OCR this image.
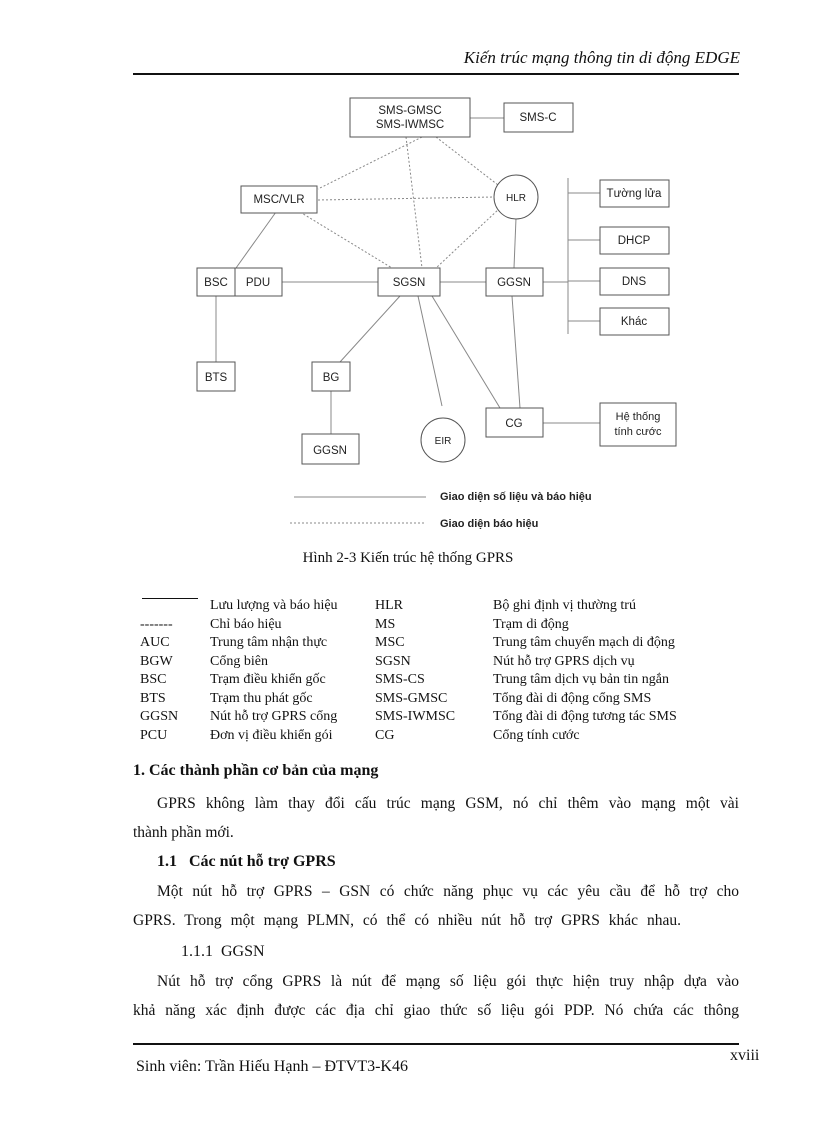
Kiến trúc mạng thông tin di động EDGE
SMS-GMSC
SMS-IWMSC
SMS-C
MSC/VLR	HLR	Tường lửa
DHCP
DNS
Khác
BSC PDU	SGSN	GGSN
BTS	BG
EIR
CG
Hệ thống
tính cước
GGSN
Giao diện số liệu và báo hiệu
Giao diện báo hiệu
Hình 2-3 Kiến trúc hệ thống GPRS
	Lưu lượng và báo hiệu	HLR	Bộ ghi định vị thường trú
-------	Chỉ báo hiệu	MS	Trạm di động
AUC	Trung tâm nhận thực	MSC	Trung tâm chuyển mạch di động
BGW	Cổng biên	SGSN	Nút hỗ trợ GPRS dịch vụ
BSC	Trạm điều khiển gốc	SMS-CS	Trung tâm dịch vụ bản tin ngắn
BTS	Trạm thu phát gốc	SMS-GMSC	Tổng đài di động cổng SMS
GGSN	Nút hỗ trợ GPRS cổng	SMS-IWMSC	Tổng đài di động tương tác SMS
PCU	Đơn vị điều khiển gói	CG	Cổng tính cước
1. Các thành phần cơ bản của mạng
GPRS không làm thay đổi cấu trúc mạng GSM, nó chỉ thêm vào mạng một vài
thành phần mới.
1.1   Các nút hỗ trợ GPRS
Một nút hỗ trợ GPRS – GSN có chức năng phục vụ các yêu cầu để hỗ trợ cho
GPRS. Trong một mạng PLMN, có thể có nhiều nút hỗ trợ GPRS khác nhau.
1.1.1  GGSN
Nút hỗ trợ cổng GPRS là nút để mạng số liệu gói thực hiện truy nhập dựa vào
khả năng xác định được các địa chỉ giao thức số liệu gói PDP. Nó chứa các thông
Sinh viên: Trần Hiếu Hạnh – ĐTVT3-K46
xviii
